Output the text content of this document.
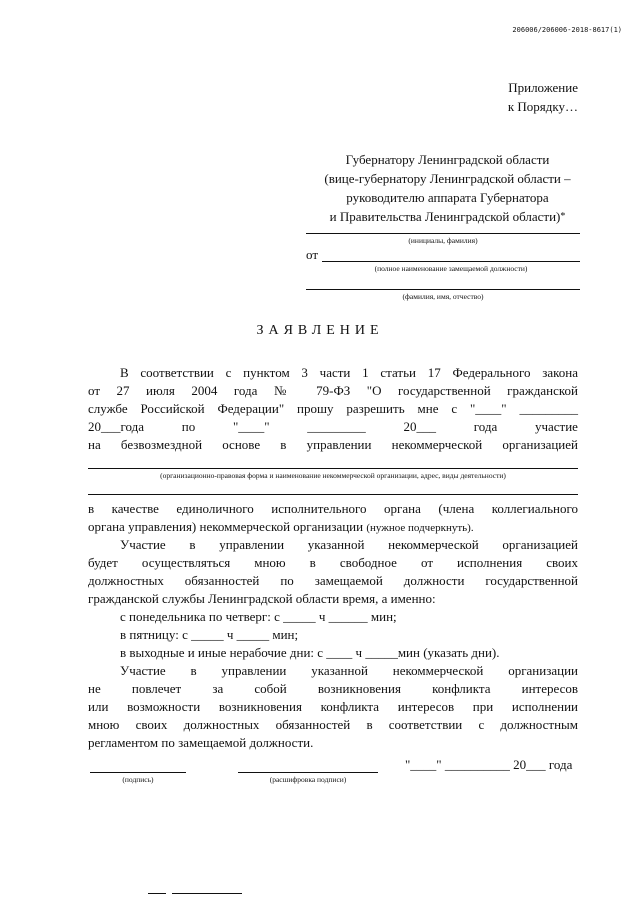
206006/206006-2018-8617(1)
Приложение
к Порядку…
Губернатору Ленинградской области
(вице-губернатору Ленинградской области –
руководителю аппарата Губернатора
и Правительства Ленинградской области)*
(инициалы, фамилия)
от
(полное наименование замещаемой должности)
(фамилия, имя, отчество)
ЗАЯВЛЕНИЕ
В соответствии с пунктом 3 части 1 статьи 17 Федерального закона
от 27 июля 2004 года № 79-ФЗ "О государственной гражданской
службе Российской Федерации" прошу разрешить мне с "____" _________
20___года	по	"____"	_________	20___	года	участие
на безвозмездной основе в управлении некоммерческой организацией
(организационно-правовая форма и наименование некоммерческой организации, адрес, виды деятельности)
в качестве единоличного исполнительного органа (члена коллегиального
органа управления) некоммерческой организации (нужное подчеркнуть).
Участие в управлении указанной некоммерческой организацией
будет осуществляться мною в свободное от исполнения своих
должностных обязанностей по замещаемой должности государственной
гражданской службы Ленинградской области время, а именно:
с понедельника по четверг: с _____ ч ______ мин;
в пятницу: с _____ ч _____ мин;
в выходные и иные нерабочие дни: с ____ ч _____мин (указать дни).
Участие в управлении указанной некоммерческой организации
не повлечет за собой возникновения конфликта интересов
или возможности возникновения конфликта интересов при исполнении
мною своих должностных обязанностей в соответствии с должностным
регламентом по замещаемой должности.
(подпись)	(расшифровка подписи)
"____" __________ 20___ года
